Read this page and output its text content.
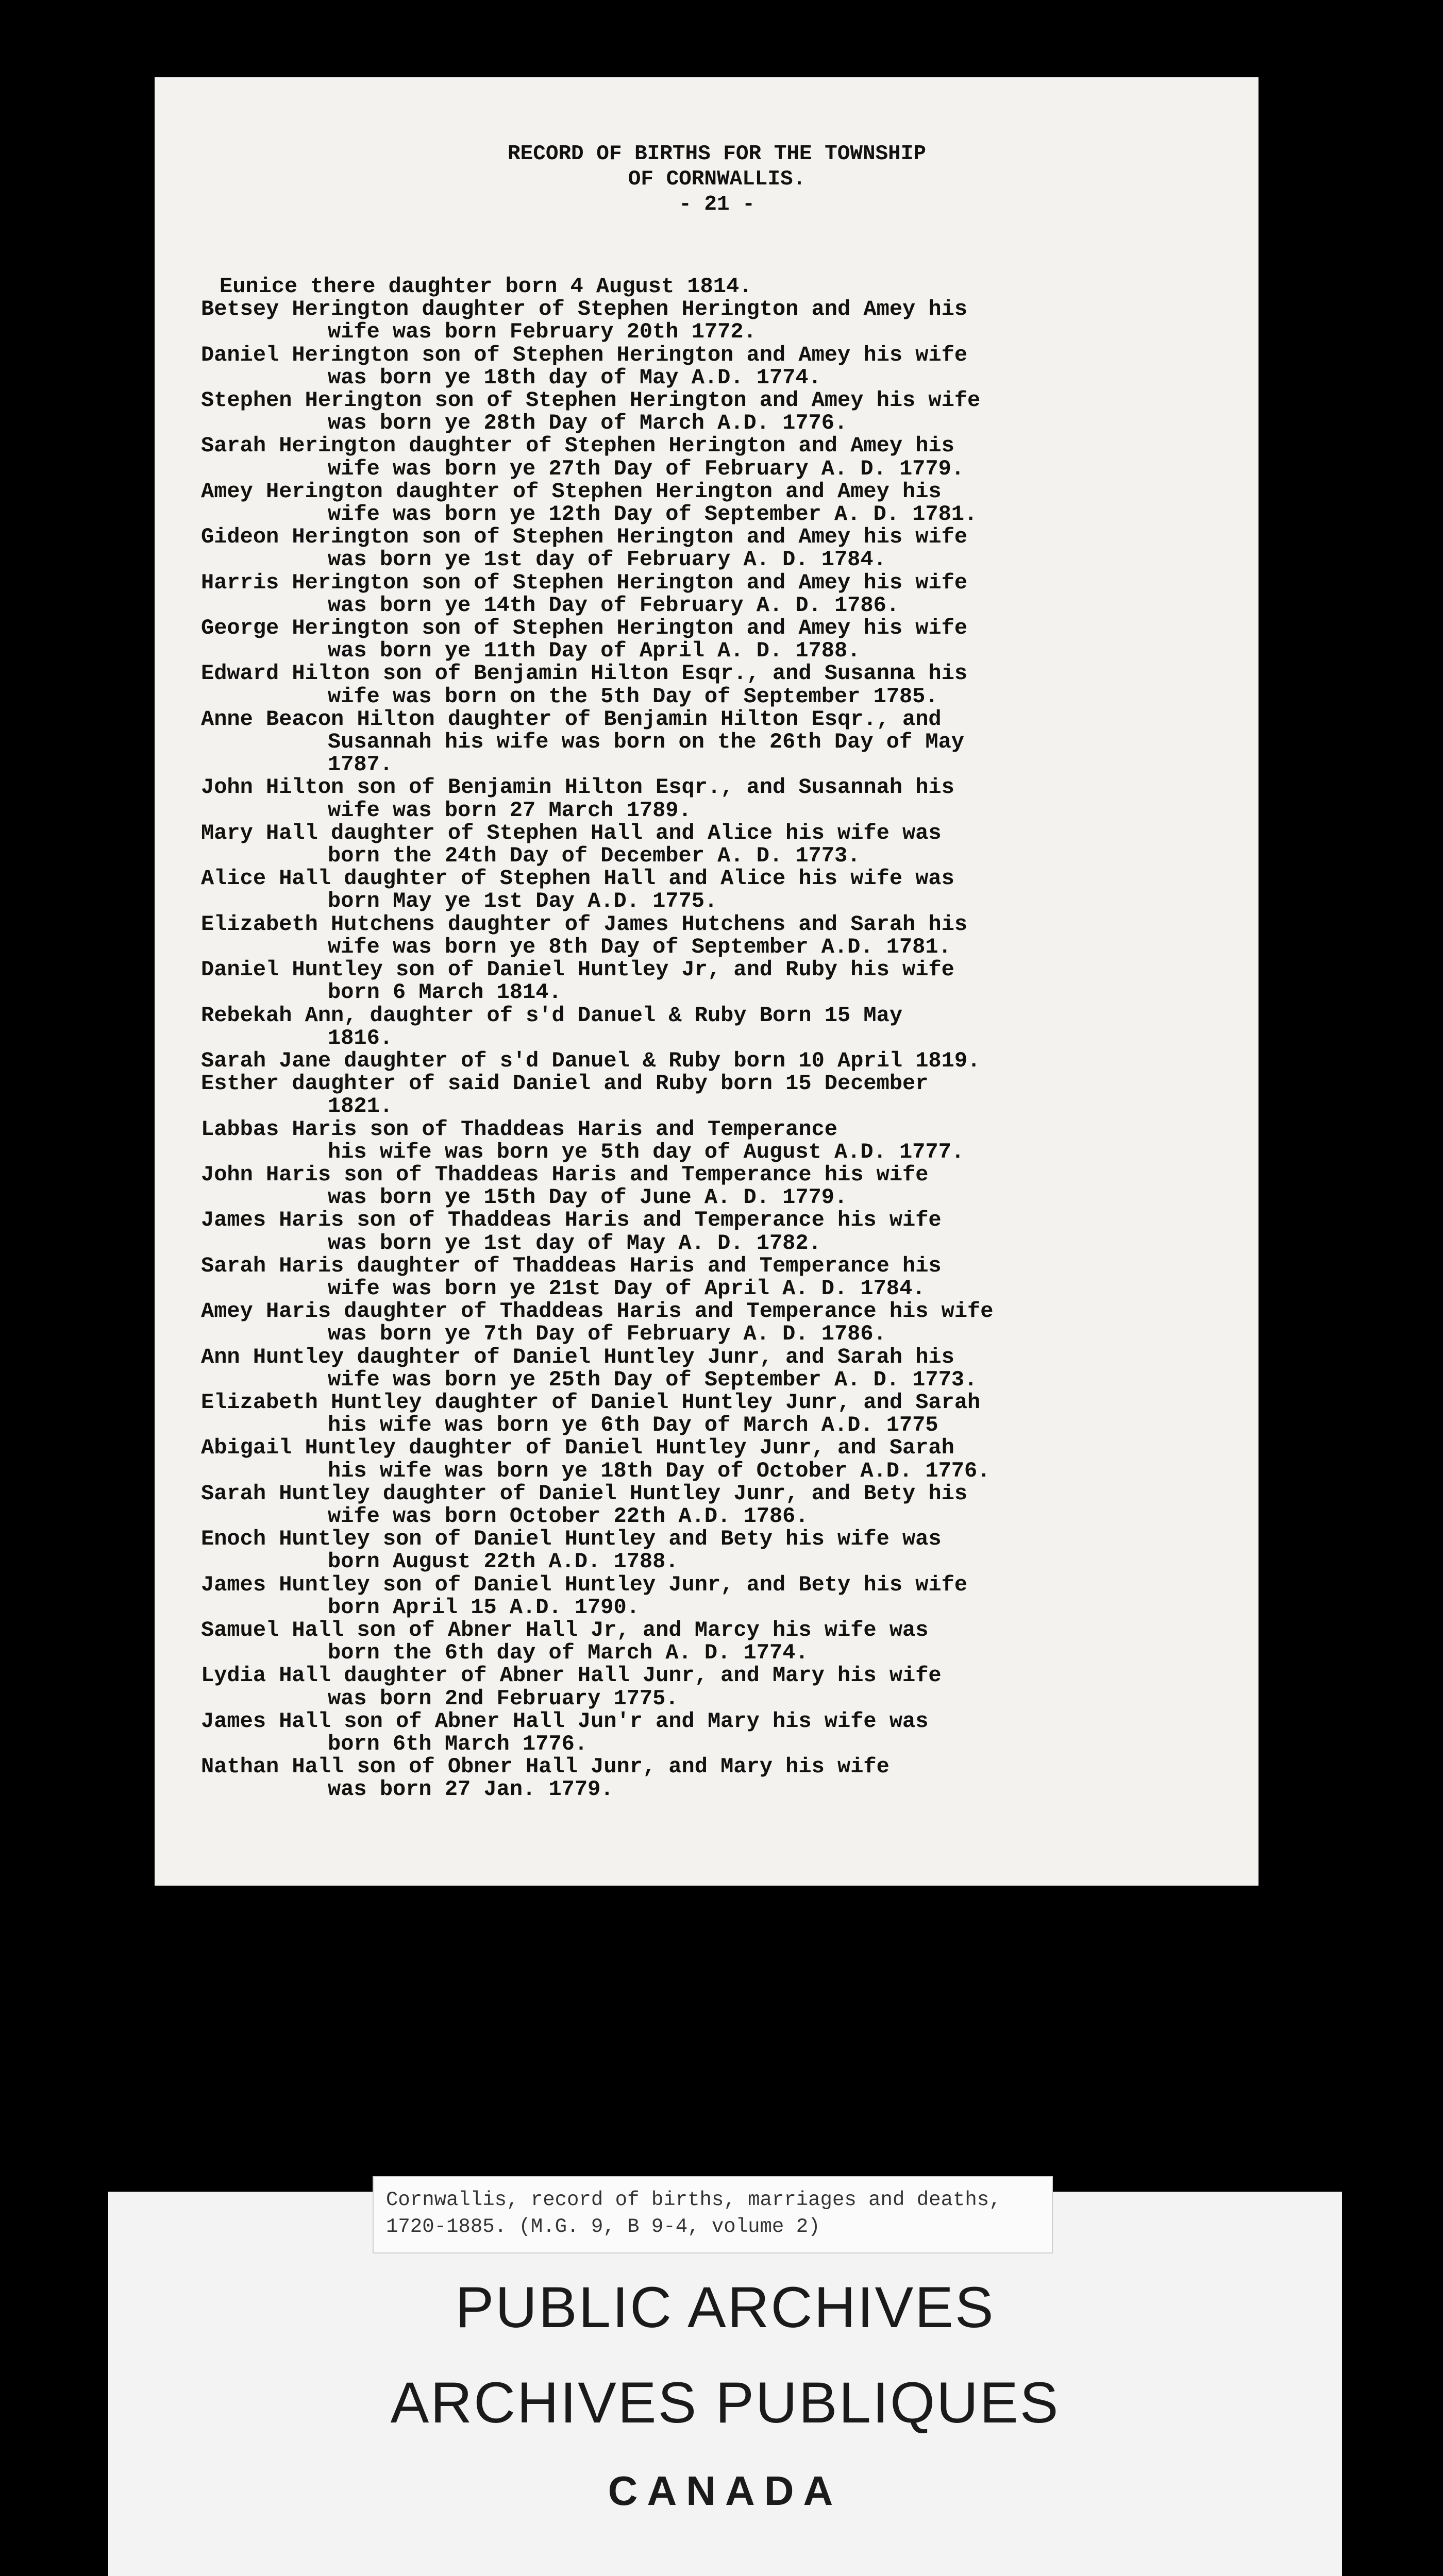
RECORD OF BIRTHS FOR THE TOWNSHIP
OF CORNWALLIS.
- 21 -
Eunice there daughter born 4 August 1814.
Betsey Herington daughter of Stephen Herington and Amey his
wife was born February 20th 1772.
Daniel Herington son of Stephen Herington and Amey his wife
was born ye 18th day of May A.D. 1774.
Stephen Herington son of Stephen Herington and Amey his wife
was born ye 28th Day of March A.D. 1776.
Sarah Herington daughter of Stephen Herington and Amey his
wife was born ye 27th Day of February A. D. 1779.
Amey Herington daughter of Stephen Herington and Amey his
wife was born ye 12th Day of September A. D. 1781.
Gideon Herington son of Stephen Herington and Amey his wife
was born ye 1st day of February A. D. 1784.
Harris Herington son of Stephen Herington and Amey his wife
was born ye 14th Day of February A. D. 1786.
George Herington son of Stephen Herington and Amey his wife
was born ye 11th Day of April A. D. 1788.
Edward Hilton son of Benjamin Hilton Esqr., and Susanna his
wife was born on the 5th Day of September 1785.
Anne Beacon Hilton daughter of Benjamin Hilton Esqr., and
Susannah his wife was born on the 26th Day of May
1787.
John Hilton son of Benjamin Hilton Esqr., and Susannah his
wife was born 27 March 1789.
Mary Hall daughter of Stephen Hall and Alice his wife was
born the 24th Day of December A. D. 1773.
Alice Hall daughter of Stephen Hall and Alice his wife was
born May ye 1st Day A.D. 1775.
Elizabeth Hutchens daughter of James Hutchens and Sarah his
wife was born ye 8th Day of September A.D. 1781.
Daniel Huntley son of Daniel Huntley Jr, and Ruby his wife
born 6 March 1814.
Rebekah Ann, daughter of s'd Danuel & Ruby Born 15 May
1816.
Sarah Jane daughter of s'd Danuel & Ruby born 10 April 1819.
Esther daughter of said Daniel and Ruby born 15 December
1821.
Labbas Haris son of Thaddeas Haris and Temperance
his wife was born ye 5th day of August A.D. 1777.
John Haris son of Thaddeas Haris and Temperance his wife
was born ye 15th Day of June A. D. 1779.
James Haris son of Thaddeas Haris and Temperance his wife
was born ye 1st day of May A. D. 1782.
Sarah Haris daughter of Thaddeas Haris and Temperance his
wife was born ye 21st Day of April A. D. 1784.
Amey Haris daughter of Thaddeas Haris and Temperance his wife
was born ye 7th Day of February A. D. 1786.
Ann Huntley daughter of Daniel Huntley Junr, and Sarah his
wife was born ye 25th Day of September A. D. 1773.
Elizabeth Huntley daughter of Daniel Huntley Junr, and Sarah
his wife was born ye 6th Day of March A.D. 1775
Abigail Huntley daughter of Daniel Huntley Junr, and Sarah
his wife was born ye 18th Day of October A.D. 1776.
Sarah Huntley daughter of Daniel Huntley Junr, and Bety his
wife was born October 22th A.D. 1786.
Enoch Huntley son of Daniel Huntley and Bety his wife was
born August 22th A.D. 1788.
James Huntley son of Daniel Huntley Junr, and Bety his wife
born April 15 A.D. 1790.
Samuel Hall son of Abner Hall Jr, and Marcy his wife was
born the 6th day of March A. D. 1774.
Lydia Hall daughter of Abner Hall Junr, and Mary his wife
was born 2nd February 1775.
James Hall son of Abner Hall Jun'r and Mary his wife was
born 6th March 1776.
Nathan Hall son of Obner Hall Junr, and Mary his wife
was born 27 Jan. 1779.
Cornwallis, record of births, marriages and deaths,
1720-1885. (M.G. 9, B 9-4, volume 2)
PUBLIC ARCHIVES
ARCHIVES PUBLIQUES
CANADA
